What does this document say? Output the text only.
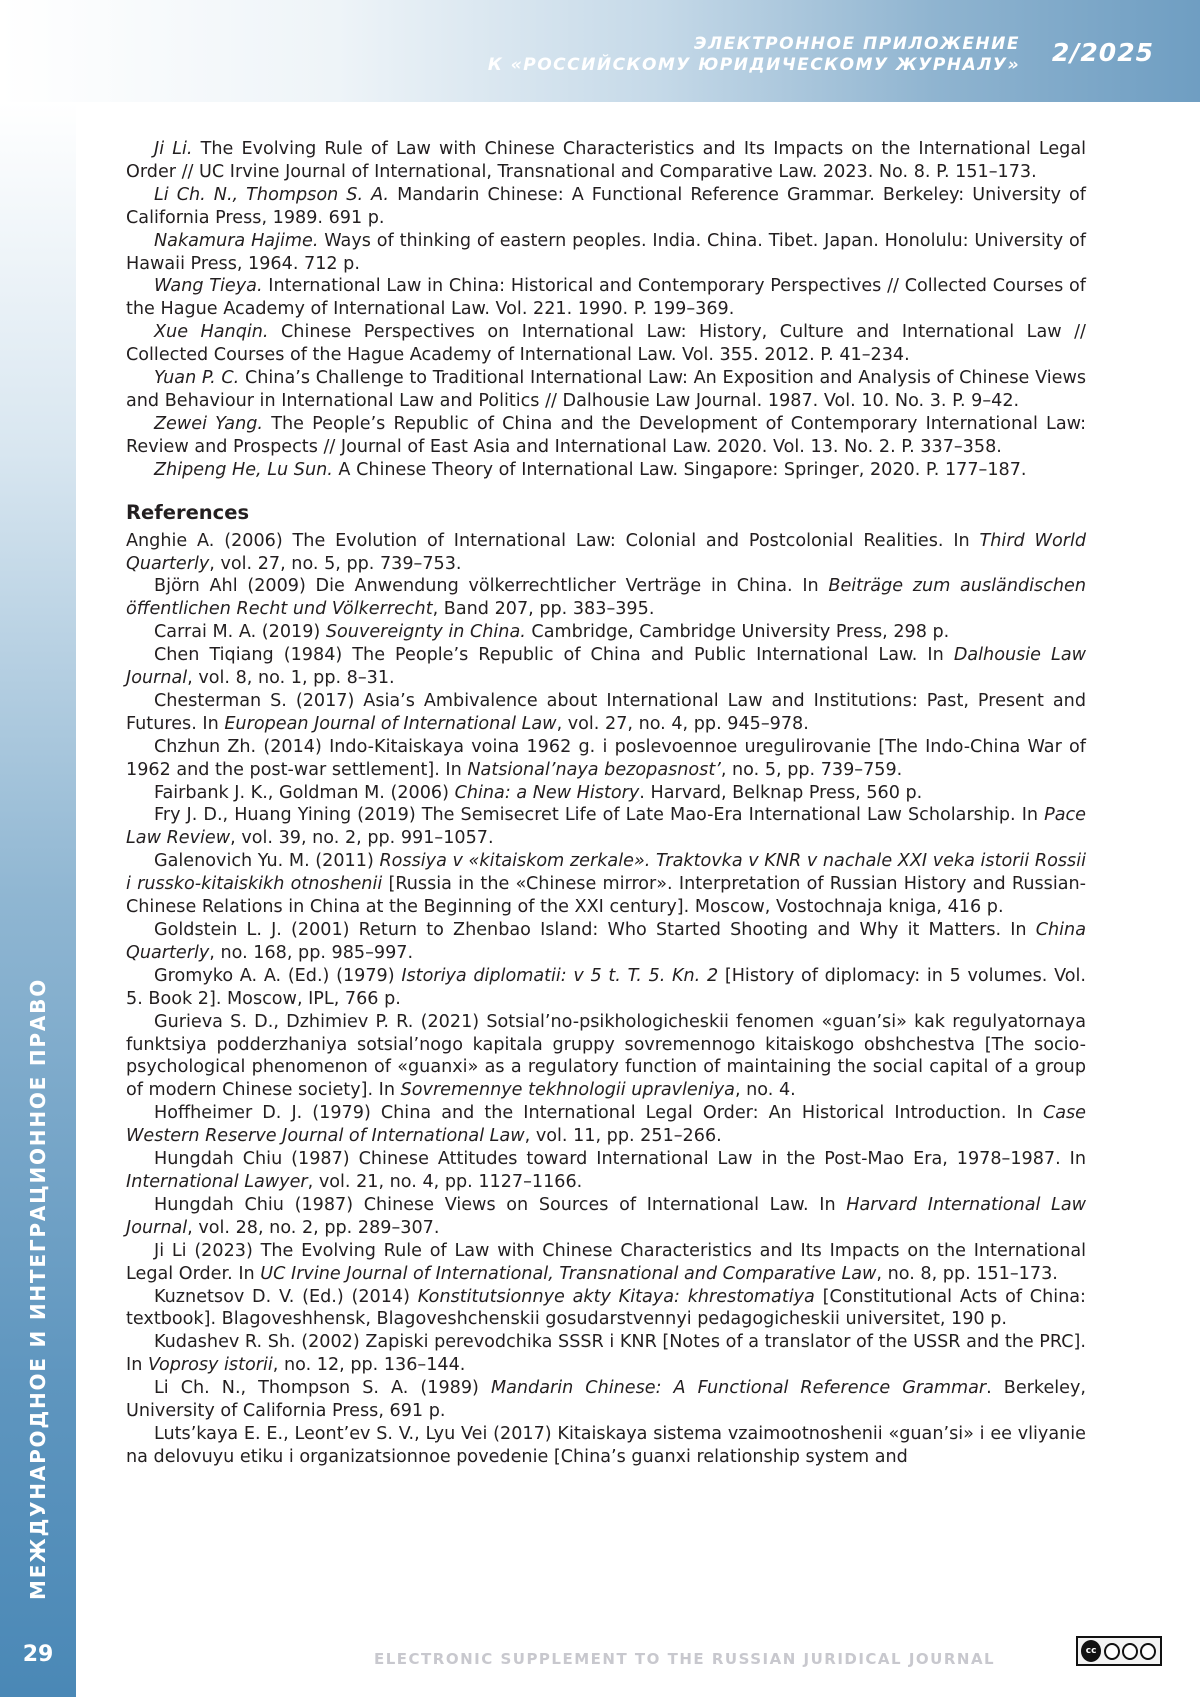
ЭЛЕКТРОННОЕ ПРИЛОЖЕНИЕ
К «РОССИЙСКОМУ ЮРИДИЧЕСКОМУ ЖУРНАЛУ» 2/2025
МЕЖДУНАРОДНОЕ И ИНТЕГРАЦИОННОЕ ПРАВО
29

Ji Li. The Evolving Rule of Law with Chinese Characteristics and Its Impacts on the International Legal Order // UC Irvine Journal of International, Transnational and Comparative Law. 2023. No. 8. P. 151–173.

Li Ch. N., Thompson S. A. Mandarin Chinese: A Functional Reference Grammar. Berkeley: University of California Press, 1989. 691 p.

Nakamura Hajime. Ways of thinking of eastern peoples. India. China. Tibet. Japan. Honolulu: University of Hawaii Press, 1964. 712 p.

Wang Tieya. International Law in China: Historical and Contemporary Perspectives // Collected Courses of the Hague Academy of International Law. Vol. 221. 1990. P. 199–369.

Xue Hanqin. Chinese Perspectives on International Law: History, Culture and International Law // Collected Courses of the Hague Academy of International Law. Vol. 355. 2012. P. 41–234.

Yuan P. C. China’s Challenge to Traditional International Law: An Exposition and Analysis of Chinese Views and Behaviour in International Law and Politics // Dalhousie Law Journal. 1987. Vol. 10. No. 3. P. 9–42.

Zewei Yang. The People’s Republic of China and the Development of Contemporary International Law: Review and Prospects // Journal of East Asia and International Law. 2020. Vol. 13. No. 2. P. 337–358.

Zhipeng He, Lu Sun. A Chinese Theory of International Law. Singapore: Springer, 2020. P. 177–187.

References

Anghie A. (2006) The Evolution of International Law: Colonial and Postcolonial Realities. In Third World Quarterly, vol. 27, no. 5, pp. 739–753.

Björn Ahl (2009) Die Anwendung völkerrechtlicher Verträge in China. In Beiträge zum ausländischen öffentlichen Recht und Völkerrecht, Band 207, pp. 383–395.

Carrai M. A. (2019) Souvereignty in China. Cambridge, Cambridge University Press, 298 p.

Chen Tiqiang (1984) The People’s Republic of China and Public International Law. In Dalhousie Law Journal, vol. 8, no. 1, pp. 8–31.

Chesterman S. (2017) Asia’s Ambivalence about International Law and Institutions: Past, Present and Futures. In European Journal of International Law, vol. 27, no. 4, pp. 945–978.

Chzhun Zh. (2014) Indo-Kitaiskaya voina 1962 g. i poslevoennoe uregulirovanie [The Indo-China War of 1962 and the post-war settlement]. In Natsional’naya bezopasnost’, no. 5, pp. 739–759.

Fairbank J. K., Goldman M. (2006) China: a New History. Harvard, Belknap Press, 560 p.

Fry J. D., Huang Yining (2019) The Semisecret Life of Late Mao-Era International Law Scholarship. In Pace Law Review, vol. 39, no. 2, pp. 991–1057.

Galenovich Yu. M. (2011) Rossiya v «kitaiskom zerkale». Traktovka v KNR v nachale XXI veka istorii Rossii i russko-kitaiskikh otnoshenii [Russia in the «Chinese mirror». Interpretation of Russian History and Russian-Chinese Relations in China at the Beginning of the XXI century]. Moscow, Vostochnaja kniga, 416 p.

Goldstein L. J. (2001) Return to Zhenbao Island: Who Started Shooting and Why it Matters. In China Quarterly, no. 168, pp. 985–997.

Gromyko A. A. (Ed.) (1979) Istoriya diplomatii: v 5 t. T. 5. Kn. 2 [History of diplomacy: in 5 volumes. Vol. 5. Book 2]. Moscow, IPL, 766 p.

Gurieva S. D., Dzhimiev P. R. (2021) Sotsial’no-psikhologicheskii fenomen «guan’si» kak regulyatornaya funktsiya podderzhaniya sotsial’nogo kapitala gruppy sovremennogo kitaiskogo obshchestva [The socio-psychological phenomenon of «guanxi» as a regulatory function of maintaining the social capital of a group of modern Chinese society]. In Sovremennye tekhnologii upravleniya, no. 4.

Hoffheimer D. J. (1979) China and the International Legal Order: An Historical Introduction. In Case Western Reserve Journal of International Law, vol. 11, pp. 251–266.

Hungdah Chiu (1987) Chinese Attitudes toward International Law in the Post-Mao Era, 1978–1987. In International Lawyer, vol. 21, no. 4, pp. 1127–1166.

Hungdah Chiu (1987) Chinese Views on Sources of International Law. In Harvard International Law Journal, vol. 28, no. 2, pp. 289–307.

Ji Li (2023) The Evolving Rule of Law with Chinese Characteristics and Its Impacts on the International Legal Order. In UC Irvine Journal of International, Transnational and Comparative Law, no. 8, pp. 151–173.

Kuznetsov D. V. (Ed.) (2014) Konstitutsionnye akty Kitaya: khrestomatiya [Constitutional Acts of China: textbook]. Blagoveshhensk, Blagoveshchenskii gosudarstvennyi pedagogicheskii universitet, 190 p.

Kudashev R. Sh. (2002) Zapiski perevodchika SSSR i KNR [Notes of a translator of the USSR and the PRC]. In Voprosy istorii, no. 12, pp. 136–144.

Li Ch. N., Thompson S. A. (1989) Mandarin Chinese: A Functional Reference Grammar. Berkeley, University of California Press, 691 p.

Luts’kaya E. E., Leont’ev S. V., Lyu Vei (2017) Kitaiskaya sistema vzaimootnoshenii «guan’si» i ee vliyanie na delovuyu etiku i organizatsionnoe povedenie [China’s guanxi relationship system and

ELECTRONIC SUPPLEMENT TO THE RUSSIAN JURIDICAL JOURNAL	cc
